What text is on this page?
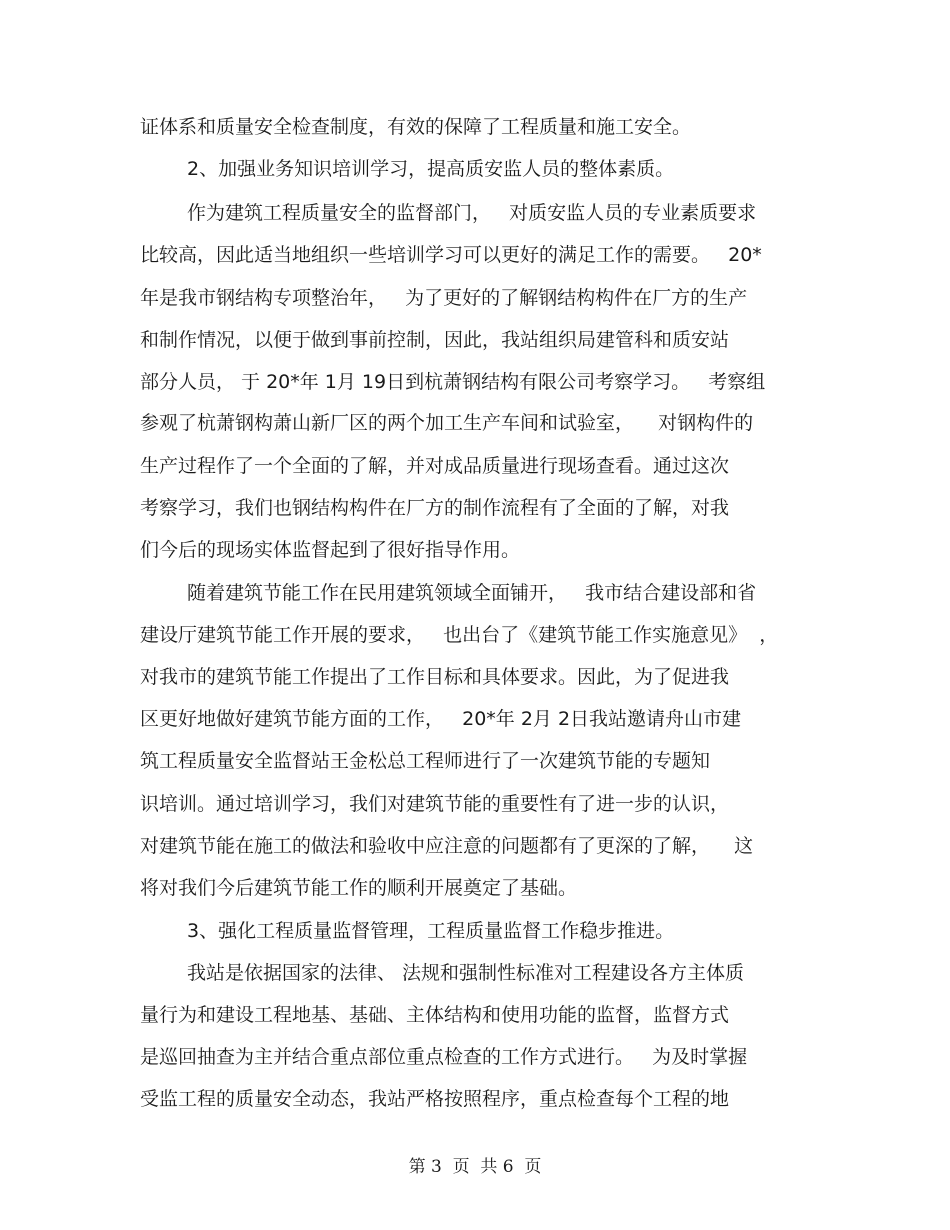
证体系和质量安全检查制度，有效的保障了工程质量和施工安全。
2、加强业务知识培训学习，提高质安监人员的整体素质。
作为建筑工程质量安全的监督部门，   对质安监人员的专业素质要求
比较高，因此适当地组织一些培训学习可以更好的满足工作的需要。   20*
年是我市钢结构专项整治年，   为了更好的了解钢结构构件在厂方的生产
和制作情况，以便于做到事前控制，因此，我站组织局建管科和质安站
部分人员， 于 20*年 1月 19日到杭萧钢结构有限公司考察学习。   考察组
参观了杭萧钢构萧山新厂区的两个加工生产车间和试验室，    对钢构件的
生产过程作了一个全面的了解，并对成品质量进行现场查看。通过这次
考察学习，我们也钢结构构件在厂方的制作流程有了全面的了解，对我
们今后的现场实体监督起到了很好指导作用。
随着建筑节能工作在民用建筑领域全面铺开，   我市结合建设部和省
建设厅建筑节能工作开展的要求，   也出台了《建筑节能工作实施意见》  ，
对我市的建筑节能工作提出了工作目标和具体要求。因此，为了促进我
区更好地做好建筑节能方面的工作，   20*年 2月 2日我站邀请舟山市建
筑工程质量安全监督站王金松总工程师进行了一次建筑节能的专题知
识培训。通过培训学习，我们对建筑节能的重要性有了进一步的认识，
对建筑节能在施工的做法和验收中应注意的问题都有了更深的了解，    这
将对我们今后建筑节能工作的顺利开展奠定了基础。
3、强化工程质量监督管理，工程质量监督工作稳步推进。
我站是依据国家的法律、 法规和强制性标准对工程建设各方主体质
量行为和建设工程地基、基础、主体结构和使用功能的监督，监督方式
是巡回抽查为主并结合重点部位重点检查的工作方式进行。   为及时掌握
受监工程的质量安全动态，我站严格按照程序，重点检查每个工程的地
第 3  页  共 6  页
